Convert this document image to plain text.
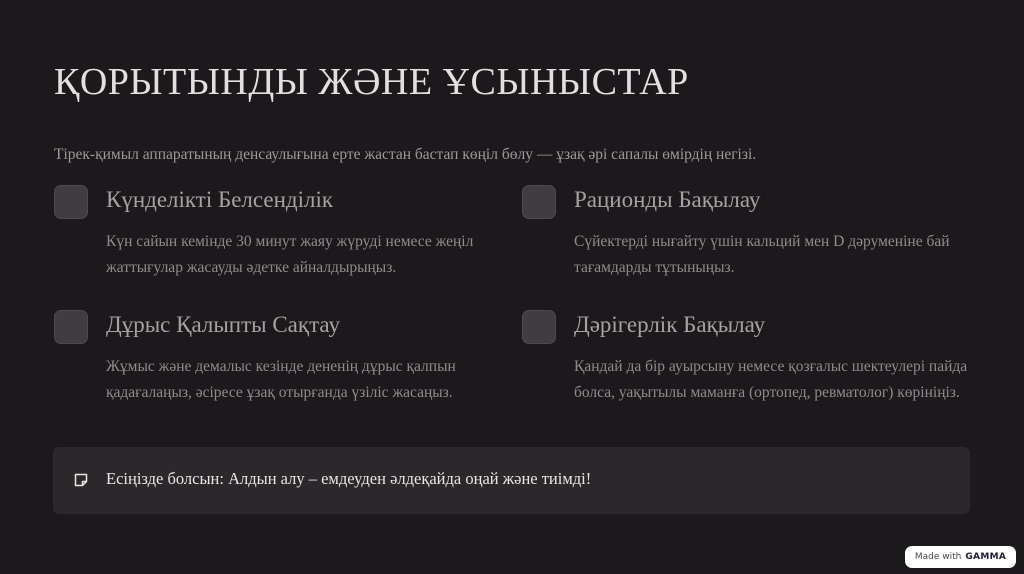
ҚОРЫТЫНДЫ ЖӘНЕ ҰСЫНЫСТАР
Тірек-қимыл аппаратының денсаулығына ерте жастан бастап көңіл бөлу — ұзақ әрі сапалы өмірдің негізі.
Күнделікті Белсенділік
Күн сайын кемінде 30 минут жаяу жүруді немесе жеңіл жаттығулар жасауды әдетке айналдырыңыз.
Рационды Бақылау
Сүйектерді нығайту үшін кальций мен D дәруменіне бай тағамдарды тұтыныңыз.
Дұрыс Қалыпты Сақтау
Жұмыс және демалыс кезінде дененің дұрыс қалпын қадағалаңыз, әсіресе ұзақ отырғанда үзіліс жасаңыз.
Дәрігерлік Бақылау
Қандай да бір ауырсыну немесе қозғалыс шектеулері пайда болса, уақытылы маманға (ортопед, ревматолог) көрініңіз.
Есіңізде болсын: Алдын алу – емдеуден әлдеқайда оңай және тиімді!
Made with GAMMA
